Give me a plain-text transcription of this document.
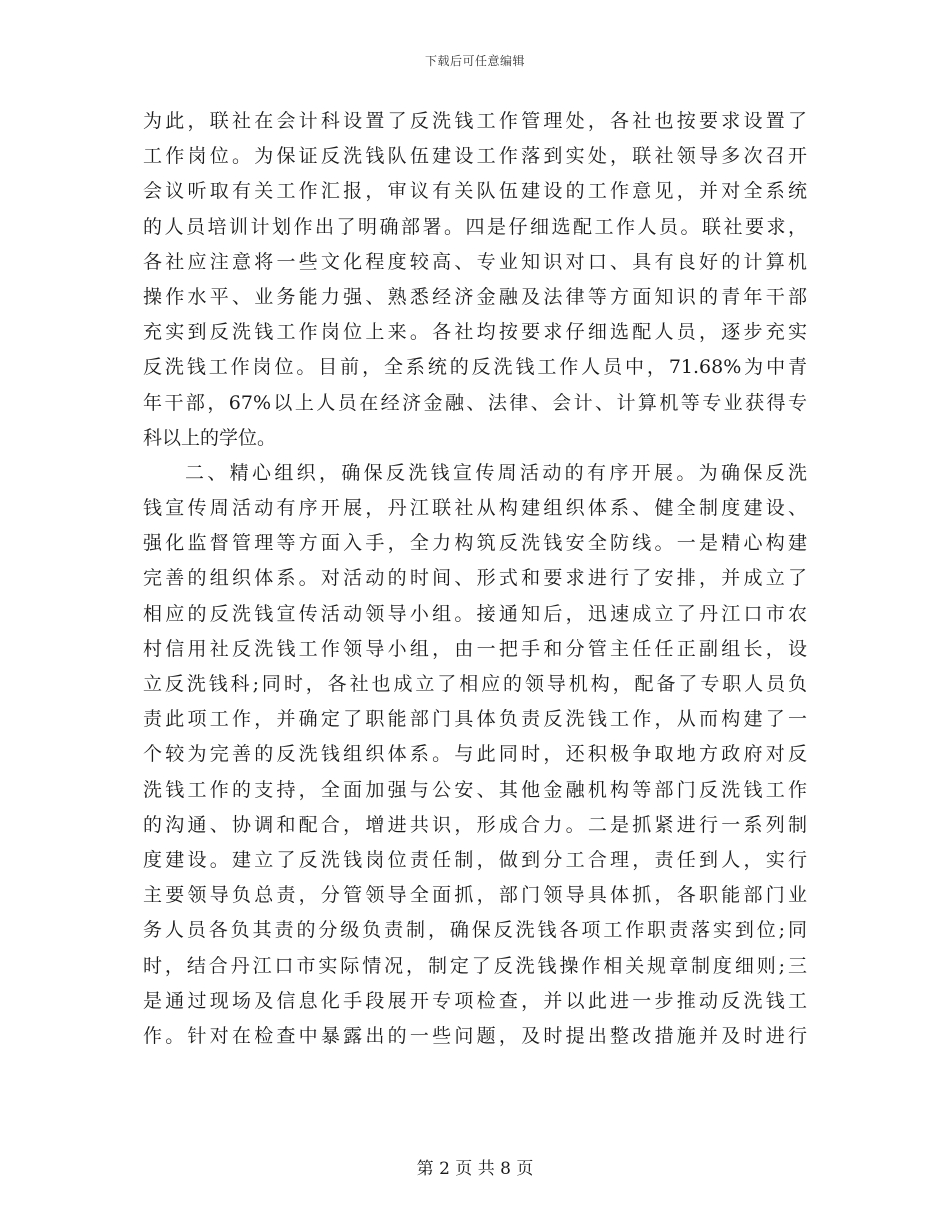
下载后可任意编辑
为此，联社在会计科设置了反洗钱工作管理处，各社也按要求设置了
工作岗位。为保证反洗钱队伍建设工作落到实处，联社领导多次召开
会议听取有关工作汇报，审议有关队伍建设的工作意见，并对全系统
的人员培训计划作出了明确部署。四是仔细选配工作人员。联社要求，
各社应注意将一些文化程度较高、专业知识对口、具有良好的计算机
操作水平、业务能力强、熟悉经济金融及法律等方面知识的青年干部
充实到反洗钱工作岗位上来。各社均按要求仔细选配人员，逐步充实
反洗钱工作岗位。目前，全系统的反洗钱工作人员中，71.68%为中青
年干部，67%以上人员在经济金融、法律、会计、计算机等专业获得专
科以上的学位。
二、精心组织，确保反洗钱宣传周活动的有序开展。为确保反洗
钱宣传周活动有序开展，丹江联社从构建组织体系、健全制度建设、
强化监督管理等方面入手，全力构筑反洗钱安全防线。一是精心构建
完善的组织体系。对活动的时间、形式和要求进行了安排，并成立了
相应的反洗钱宣传活动领导小组。接通知后，迅速成立了丹江口市农
村信用社反洗钱工作领导小组，由一把手和分管主任任正副组长，设
立反洗钱科;同时，各社也成立了相应的领导机构，配备了专职人员负
责此项工作，并确定了职能部门具体负责反洗钱工作，从而构建了一
个较为完善的反洗钱组织体系。与此同时，还积极争取地方政府对反
洗钱工作的支持，全面加强与公安、其他金融机构等部门反洗钱工作
的沟通、协调和配合，增进共识，形成合力。二是抓紧进行一系列制
度建设。建立了反洗钱岗位责任制，做到分工合理，责任到人，实行
主要领导负总责，分管领导全面抓，部门领导具体抓，各职能部门业
务人员各负其责的分级负责制，确保反洗钱各项工作职责落实到位;同
时，结合丹江口市实际情况，制定了反洗钱操作相关规章制度细则;三
是通过现场及信息化手段展开专项检查，并以此进一步推动反洗钱工
作。针对在检查中暴露出的一些问题，及时提出整改措施并及时进行
第 2 页 共 8 页
